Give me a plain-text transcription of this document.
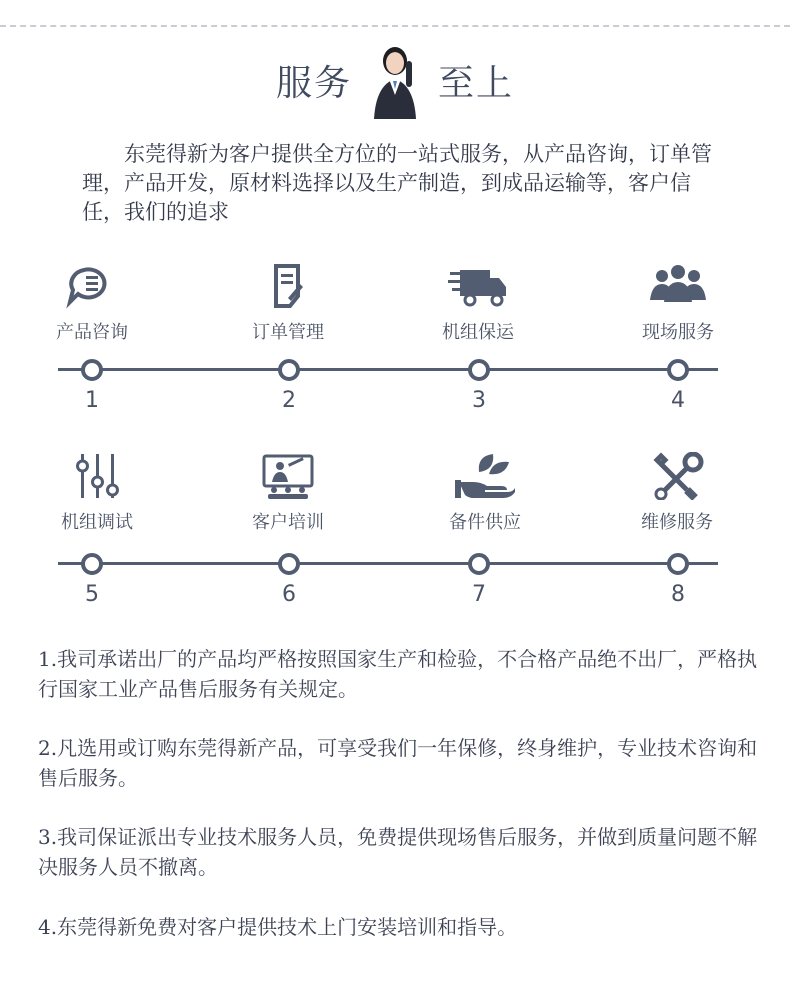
服务 至上
东莞得新为客户提供全方位的一站式服务，从产品咨询，订单管理，产品开发，原材料选择以及生产制造，到成品运输等，客户信任，我们的追求
产品咨询	订单管理	机组保运	现场服务
1	2	3	4
机组调试	客户培训	备件供应	维修服务
5	6	7	8
1.我司承诺出厂的产品均严格按照国家生产和检验，不合格产品绝不出厂，严格执行国家工业产品售后服务有关规定。
2.凡选用或订购东莞得新产品，可享受我们一年保修，终身维护，专业技术咨询和售后服务。
3.我司保证派出专业技术服务人员，免费提供现场售后服务，并做到质量问题不解决服务人员不撤离。
4.东莞得新免费对客户提供技术上门安装培训和指导。
